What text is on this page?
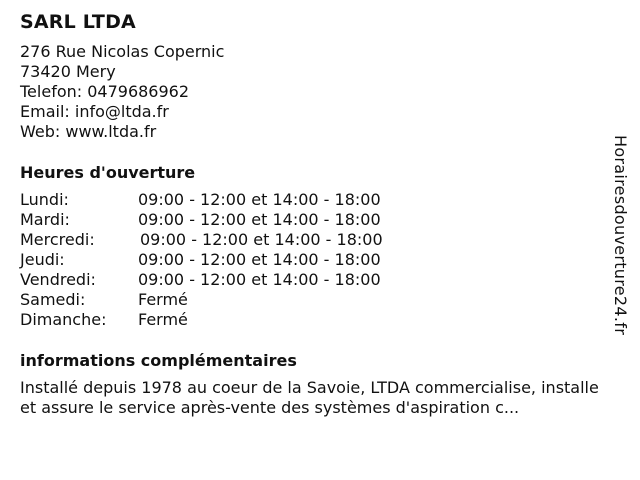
SARL LTDA
276 Rue Nicolas Copernic
73420 Mery
Telefon: 0479686962
Email: info@ltda.fr
Web: www.ltda.fr
Heures d'ouverture
Lundi:	09:00 - 12:00 et 14:00 - 18:00
Mardi:	09:00 - 12:00 et 14:00 - 18:00
Mercredi:	09:00 - 12:00 et 14:00 - 18:00
Jeudi:	09:00 - 12:00 et 14:00 - 18:00
Vendredi:	09:00 - 12:00 et 14:00 - 18:00
Samedi:	Fermé
Dimanche:	Fermé
informations complémentaires
Installé depuis 1978 au coeur de la Savoie, LTDA commercialise, installe et assure le service après-vente des systèmes d'aspiration c...
Horairesdouverture24.fr
